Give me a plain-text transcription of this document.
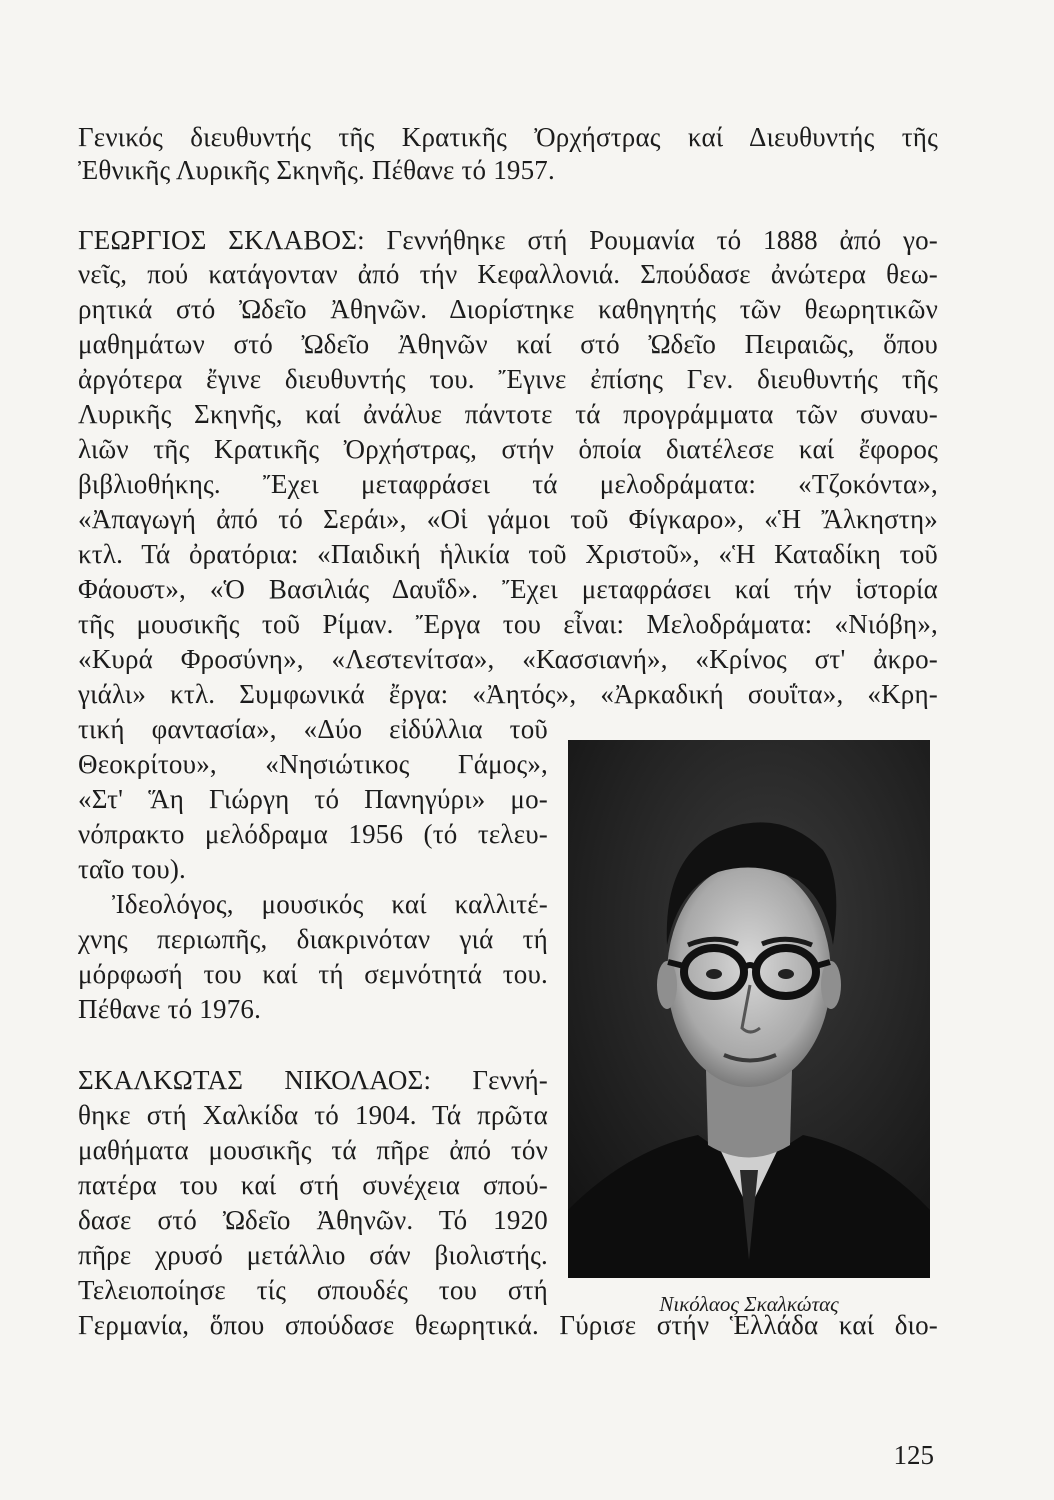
Γενικός διευθυντής τῆς Κρατικῆς Ὀρχήστρας καί Διευθυντής τῆς
Ἐθνικῆς Λυρικῆς Σκηνῆς. Πέθανε τό 1957.
ΓΕΩΡΓΙΟΣ ΣΚΛΑΒΟΣ: Γεννήθηκε στή Ρουμανία τό 1888 ἀπό γο-
νεῖς, πού κατάγονταν ἀπό τήν Κεφαλλονιά. Σπούδασε ἀνώτερα θεω-
ρητικά στό Ὠδεῖο Ἀθηνῶν. Διορίστηκε καθηγητής τῶν θεωρητικῶν
μαθημάτων στό Ὠδεῖο Ἀθηνῶν καί στό Ὠδεῖο Πειραιῶς, ὅπου
ἀργότερα ἔγινε διευθυντής του. Ἔγινε ἐπίσης Γεν. διευθυντής τῆς
Λυρικῆς Σκηνῆς, καί ἀνάλυε πάντοτε τά προγράμματα τῶν συναυ-
λιῶν τῆς Κρατικῆς Ὀρχήστρας, στήν ὁποία διατέλεσε καί ἔφορος
βιβλιοθήκης. Ἔχει μεταφράσει τά μελοδράματα: «Τζοκόντα»,
«Ἀπαγωγή ἀπό τό Σεράι», «Οἱ γάμοι τοῦ Φίγκαρο», «Ἡ Ἄλκηστη»
κτλ. Τά ὀρατόρια: «Παιδική ἡλικία τοῦ Χριστοῦ», «Ἡ Καταδίκη τοῦ
Φάουστ», «Ὁ Βασιλιάς Δαυΐδ». Ἔχει μεταφράσει καί τήν ἱστορία
τῆς μουσικῆς τοῦ Ρίμαν. Ἔργα του εἶναι: Μελοδράματα: «Νιόβη»,
«Κυρά Φροσύνη», «Λεστενίτσα», «Κασσιανή», «Κρίνος στ' ἀκρο-
γιάλι» κτλ. Συμφωνικά ἔργα: «Ἀητός», «Ἀρκαδική σουΐτα», «Κρη-
τική φαντασία», «Δύο εἰδύλλια τοῦ
Θεοκρίτου», «Νησιώτικος Γάμος»,
«Στ' Ἅη Γιώργη τό Πανηγύρι» μο-
νόπρακτο μελόδραμα 1956 (τό τελευ-
ταῖο του).
Ἰδεολόγος, μουσικός καί καλλιτέ-
χνης περιωπῆς, διακρινόταν γιά τή
μόρφωσή του καί τή σεμνότητά του.
Πέθανε τό 1976.
ΣΚΑΛΚΩΤΑΣ ΝΙΚΟΛΑΟΣ: Γεννή-
θηκε στή Χαλκίδα τό 1904. Τά πρῶτα
μαθήματα μουσικῆς τά πῆρε ἀπό τόν
πατέρα του καί στή συνέχεια σπού-
δασε στό Ὠδεῖο Ἀθηνῶν. Τό 1920
πῆρε χρυσό μετάλλιο σάν βιολιστής.
Τελειοποίησε τίς σπουδές του στή
Γερμανία, ὅπου σπούδασε θεωρητικά. Γύρισε στήν Ἑλλάδα καί διο-
Νικόλαος Σκαλκώτας
125
